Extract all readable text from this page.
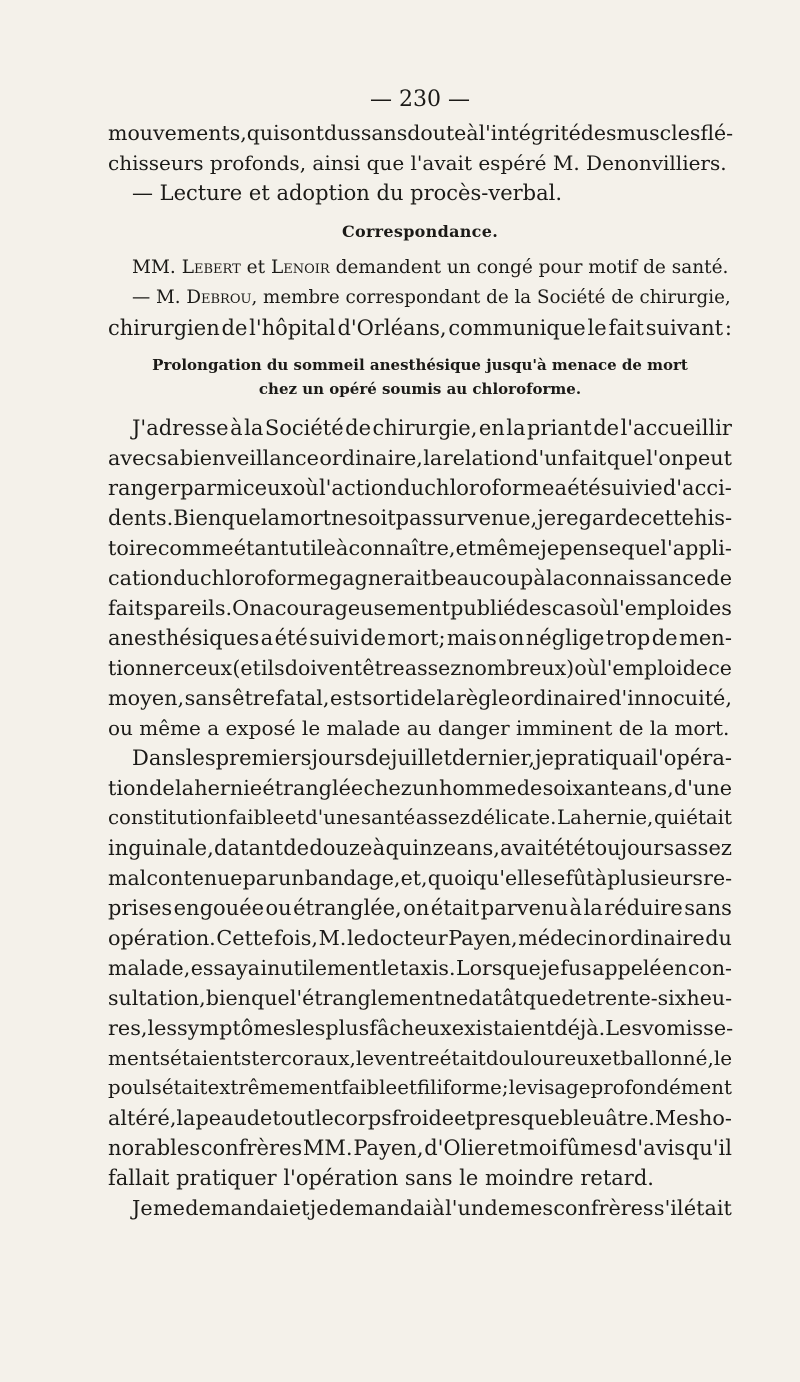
— 230 —
mouvements, qui sont dus sans doute à l'intégrité des muscles flé-
chisseurs profonds, ainsi que l'avait espéré M. Denonvilliers.
— Lecture et adoption du procès-verbal.
Correspondance.
MM. Lebert et Lenoir demandent un congé pour motif de santé.
— M. Debrou, membre correspondant de la Société de chirurgie,
chirurgien de l'hôpital d'Orléans, communique le fait suivant :
Prolongation du sommeil anesthésique jusqu'à menace de mort
chez un opéré soumis au chloroforme.
J'adresse à la Société de chirurgie, en la priant de l'accueillir
avec sa bienveillance ordinaire, la relation d'un fait que l'on peut
ranger parmi ceux où l'action du chloroforme a été suivie d'acci-
dents. Bien que la mort ne soit pas survenue, je regarde cette his-
toire comme étant utile à connaître, et même je pense que l'appli-
cation du chloroforme gagnerait beaucoup à la connaissance de
faits pareils. On a courageusement publié des cas où l'emploi des
anesthésiques a été suivi de mort; mais on néglige trop de men-
tionner ceux (et ils doivent être assez nombreux) où l'emploi de ce
moyen, sans être fatal, est sorti de la règle ordinaire d'innocuité,
ou même a exposé le malade au danger imminent de la mort.
Dans les premiers jours de juillet dernier, je pratiquai l'opéra-
tion de la hernie étranglée chez un homme de soixante ans, d'une
constitution faible et d'une santé assez délicate. La hernie, qui était
inguinale, datant de douze à quinze ans, avait été toujours assez
mal contenue par un bandage, et, quoiqu'elle se fût à plusieurs re-
prises engouée ou étranglée, on était parvenu à la réduire sans
opération. Cette fois, M. le docteur Payen, médecin ordinaire du
malade, essaya inutilement le taxis. Lorsque je fus appelé en con-
sultation, bien que l'étranglement ne datât que de trente-six heu-
res, les symptômes les plus fâcheux existaient déjà. Les vomisse-
ments étaient stercoraux, le ventre était douloureux et ballonné, le
pouls était extrêmement faible et filiforme; le visage profondément
altéré, la peau de tout le corps froide et presque bleuâtre. Mes ho-
norables confrères MM. Payen, d'Olier et moi fûmes d'avis qu'il
fallait pratiquer l'opération sans le moindre retard.
Je me demandai et je demandai à l'un de mes confrères s'il était
